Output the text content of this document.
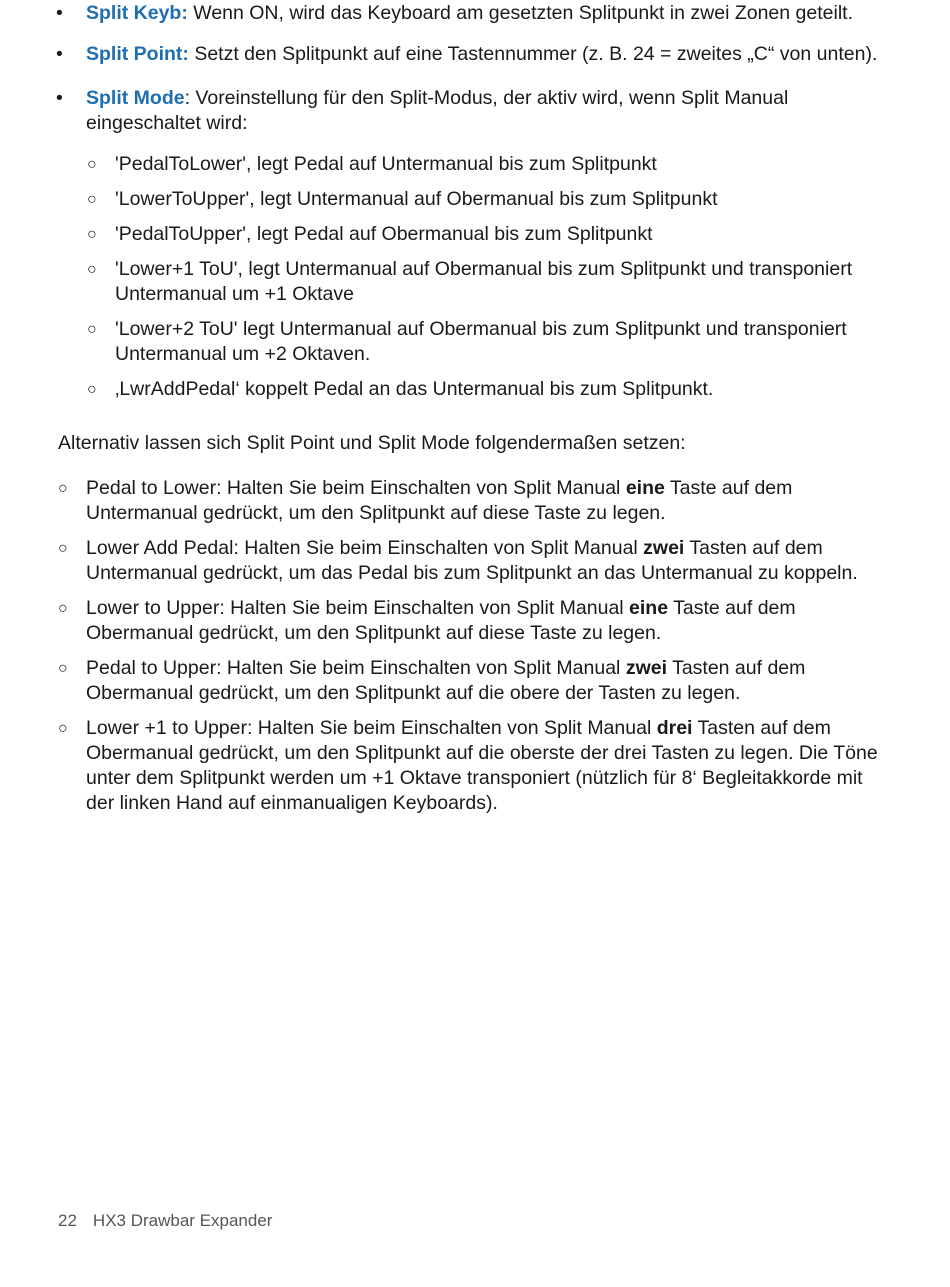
• Split Keyb: Wenn ON, wird das Keyboard am gesetzten Splitpunkt in zwei Zonen geteilt.
• Split Point: Setzt den Splitpunkt auf eine Tastennummer (z. B. 24 = zweites „C“ von unten).
• Split Mode: Voreinstellung für den Split-Modus, der aktiv wird, wenn Split Manual eingeschaltet wird:
○ 'PedalToLower', legt Pedal auf Untermanual bis zum Splitpunkt
○ 'LowerToUpper', legt Untermanual auf Obermanual bis zum Splitpunkt
○ 'PedalToUpper', legt Pedal auf Obermanual bis zum Splitpunkt
○ 'Lower+1 ToU', legt Untermanual auf Obermanual bis zum Splitpunkt und transponiert Untermanual um +1 Oktave
○ 'Lower+2 ToU' legt Untermanual auf Obermanual bis zum Splitpunkt und transponiert Untermanual um +2 Oktaven.
○ ‚LwrAddPedal‘ koppelt Pedal an das Untermanual bis zum Splitpunkt.
Alternativ lassen sich Split Point und Split Mode folgendermaßen setzen:
○ Pedal to Lower: Halten Sie beim Einschalten von Split Manual eine Taste auf dem Untermanual gedrückt, um den Splitpunkt auf diese Taste zu legen.
○ Lower Add Pedal: Halten Sie beim Einschalten von Split Manual zwei Tasten auf dem Untermanual gedrückt, um das Pedal bis zum Splitpunkt an das Untermanual zu koppeln.
○ Lower to Upper: Halten Sie beim Einschalten von Split Manual eine Taste auf dem Obermanual gedrückt, um den Splitpunkt auf diese Taste zu legen.
○ Pedal to Upper: Halten Sie beim Einschalten von Split Manual zwei Tasten auf dem Obermanual gedrückt, um den Splitpunkt auf die obere der Tasten zu legen.
○ Lower +1 to Upper: Halten Sie beim Einschalten von Split Manual drei Tasten auf dem Obermanual gedrückt, um den Splitpunkt auf die oberste der drei Tasten zu legen. Die Töne unter dem Splitpunkt werden um +1 Oktave transponiert (nützlich für 8‘ Begleitakkorde mit der linken Hand auf einmanualigen Keyboards).
22 HX3 Drawbar Expander
